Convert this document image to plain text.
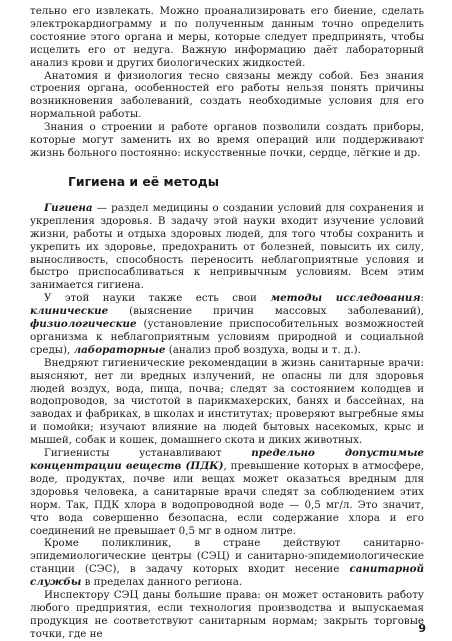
тельно его извлекать. Можно проанализировать его биение, сделать электрокардиограмму и по полученным данным точно определить состояние этого органа и меры, которые следует предпринять, чтобы исцелить его от недуга. Важную информацию даёт лабораторный анализ крови и других биологических жидкостей.

Анатомия и физиология тесно связаны между собой. Без знания строения органа, особенностей его работы нельзя понять причины возникновения заболеваний, создать необходимые условия для его нормальной работы.

Знания о строении и работе органов позволили создать приборы, которые могут заменить их во время операций или поддерживают жизнь больного постоянно: искусственные почки, сердце, лёгкие и др.

Гигиена и её методы

Гигиена — раздел медицины о создании условий для сохранения и укрепления здоровья. В задачу этой науки входит изучение условий жизни, работы и отдыха здоровых людей, для того чтобы сохранить и укрепить их здоровье, предохранить от болезней, повысить их силу, выносливость, способность переносить неблагоприятные условия и быстро приспосабливаться к непривычным условиям. Всем этим занимается гигиена.

У этой науки также есть свои методы исследования: клинические (выяснение причин массовых заболеваний), физиологические (установление приспособительных возможностей организма к неблагоприятным условиям природной и социальной среды), лабораторные (анализ проб воздуха, воды и т. д.).

Внедряют гигиенические рекомендации в жизнь санитарные врачи: выясняют, нет ли вредных излучений, не опасны ли для здоровья людей воздух, вода, пища, почва; следят за состоянием колодцев и водопроводов, за чистотой в парикмахерских, банях и бассейнах, на заводах и фабриках, в школах и институтах; проверяют выгребные ямы и помойки; изучают влияние на людей бытовых насекомых, крыс и мышей, собак и кошек, домашнего скота и диких животных.

Гигиенисты устанавливают предельно допустимые концентрации веществ (ПДК), превышение которых в атмосфере, воде, продуктах, почве или вещах может оказаться вредным для здоровья человека, а санитарные врачи следят за соблюдением этих норм. Так, ПДК хлора в водопроводной воде — 0,5 мг/л. Это значит, что вода совершенно безопасна, если содержание хлора и его соединений не превышает 0,5 мг в одном литре.

Кроме поликлиник, в стране действуют санитарно-эпидемиологические центры (СЭЦ) и санитарно-эпидемиологические станции (СЭС), в задачу которых входит несение санитарной службы в пределах данного региона.

Инспектору СЭЦ даны большие права: он может остановить работу любого предприятия, если технология производства и выпускаемая продукция не соответствуют санитарным нормам; закрыть торговые точки, где не	9
